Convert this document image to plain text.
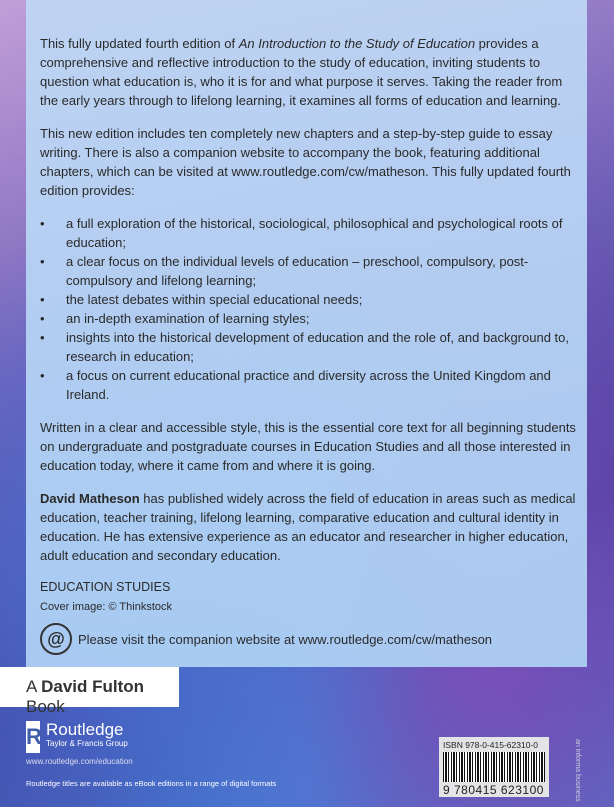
This fully updated fourth edition of An Introduction to the Study of Education provides a comprehensive and reflective introduction to the study of education, inviting students to question what education is, who it is for and what purpose it serves. Taking the reader from the early years through to lifelong learning, it examines all forms of education and learning.

This new edition includes ten completely new chapters and a step-by-step guide to essay writing. There is also a companion website to accompany the book, featuring additional chapters, which can be visited at www.routledge.com/cw/matheson. This fully updated fourth edition provides:

• a full exploration of the historical, sociological, philosophical and psychological roots of education;
• a clear focus on the individual levels of education – preschool, compulsory, post-compulsory and lifelong learning;
• the latest debates within special educational needs;
• an in-depth examination of learning styles;
• insights into the historical development of education and the role of, and background to, research in education;
• a focus on current educational practice and diversity across the United Kingdom and Ireland.

Written in a clear and accessible style, this is the essential core text for all beginning students on undergraduate and postgraduate courses in Education Studies and all those interested in education today, where it came from and where it is going.

David Matheson has published widely across the field of education in areas such as medical education, teacher training, lifelong learning, comparative education and cultural identity in education. He has extensive experience as an educator and researcher in higher education, adult education and secondary education.

EDUCATION STUDIES
Cover image: © Thinkstock
@ Please visit the companion website at www.routledge.com/cw/matheson
A David Fulton Book
R Routledge
Taylor & Francis Group
www.routledge.com/education
Routledge titles are available as eBook editions in a range of digital formats
ISBN 978-0-415-62310-0
9 780415 623100	an informa business
